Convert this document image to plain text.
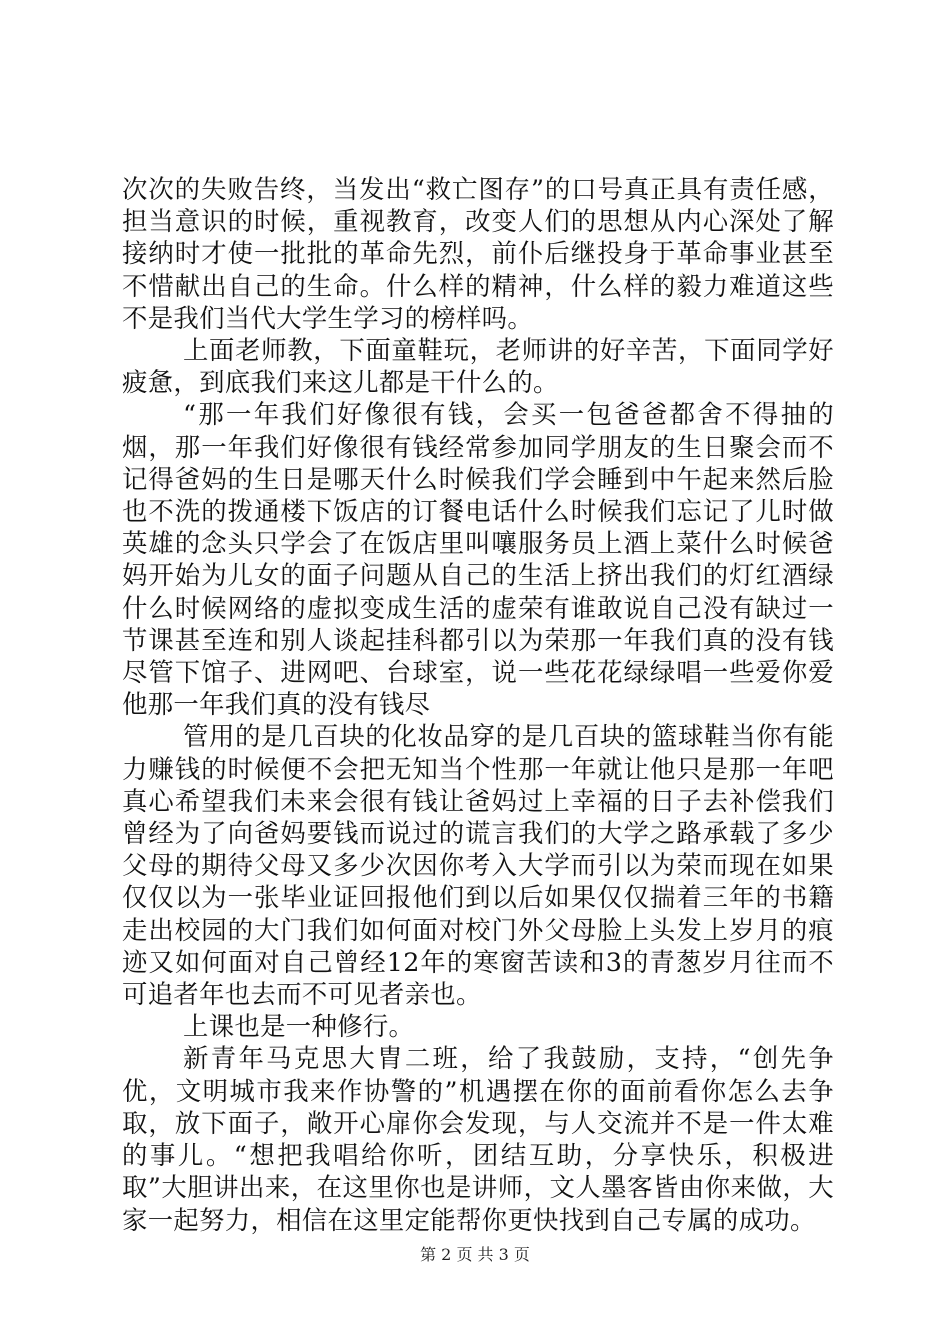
次次的失败告终，当发出“救亡图存”的口号真正具有责任感，担当意识的时候，重视教育，改变人们的思想从内心深处了解接纳时才使一批批的革命先烈，前仆后继投身于革命事业甚至不惜献出自己的生命。什么样的精神，什么样的毅力难道这些不是我们当代大学生学习的榜样吗。

上面老师教，下面童鞋玩，老师讲的好辛苦，下面同学好疲惫，到底我们来这儿都是干什么的。

“那一年我们好像很有钱，会买一包爸爸都舍不得抽的烟，那一年我们好像很有钱经常参加同学朋友的生日聚会而不记得爸妈的生日是哪天什么时候我们学会睡到中午起来然后脸也不洗的拨通楼下饭店的订餐电话什么时候我们忘记了儿时做英雄的念头只学会了在饭店里叫嚷服务员上酒上菜什么时候爸妈开始为儿女的面子问题从自己的生活上挤出我们的灯红酒绿什么时候网络的虚拟变成生活的虚荣有谁敢说自己没有缺过一节课甚至连和别人谈起挂科都引以为荣那一年我们真的没有钱尽管下馆子、进网吧、台球室，说一些花花绿绿唱一些爱你爱他那一年我们真的没有钱尽

管用的是几百块的化妆品穿的是几百块的篮球鞋当你有能力赚钱的时候便不会把无知当个性那一年就让他只是那一年吧真心希望我们未来会很有钱让爸妈过上幸福的日子去补偿我们曾经为了向爸妈要钱而说过的谎言我们的大学之路承载了多少父母的期待父母又多少次因你考入大学而引以为荣而现在如果仅仅以为一张毕业证回报他们到以后如果仅仅揣着三年的书籍走出校园的大门我们如何面对校门外父母脸上头发上岁月的痕迹又如何面对自己曾经12年的寒窗苦读和3的青葱岁月往而不可追者年也去而不可见者亲也。

上课也是一种修行。

新青年马克思大胄二班，给了我鼓励，支持，“创先争优，文明城市我来作协警的”机遇摆在你的面前看你怎么去争取，放下面子，敞开心扉你会发现，与人交流并不是一件太难的事儿。“想把我唱给你听，团结互助，分享快乐，积极进取”大胆讲出来，在这里你也是讲师，文人墨客皆由你来做，大家一起努力，相信在这里定能帮你更快找到自己专属的成功。

第 2 页 共 3 页
